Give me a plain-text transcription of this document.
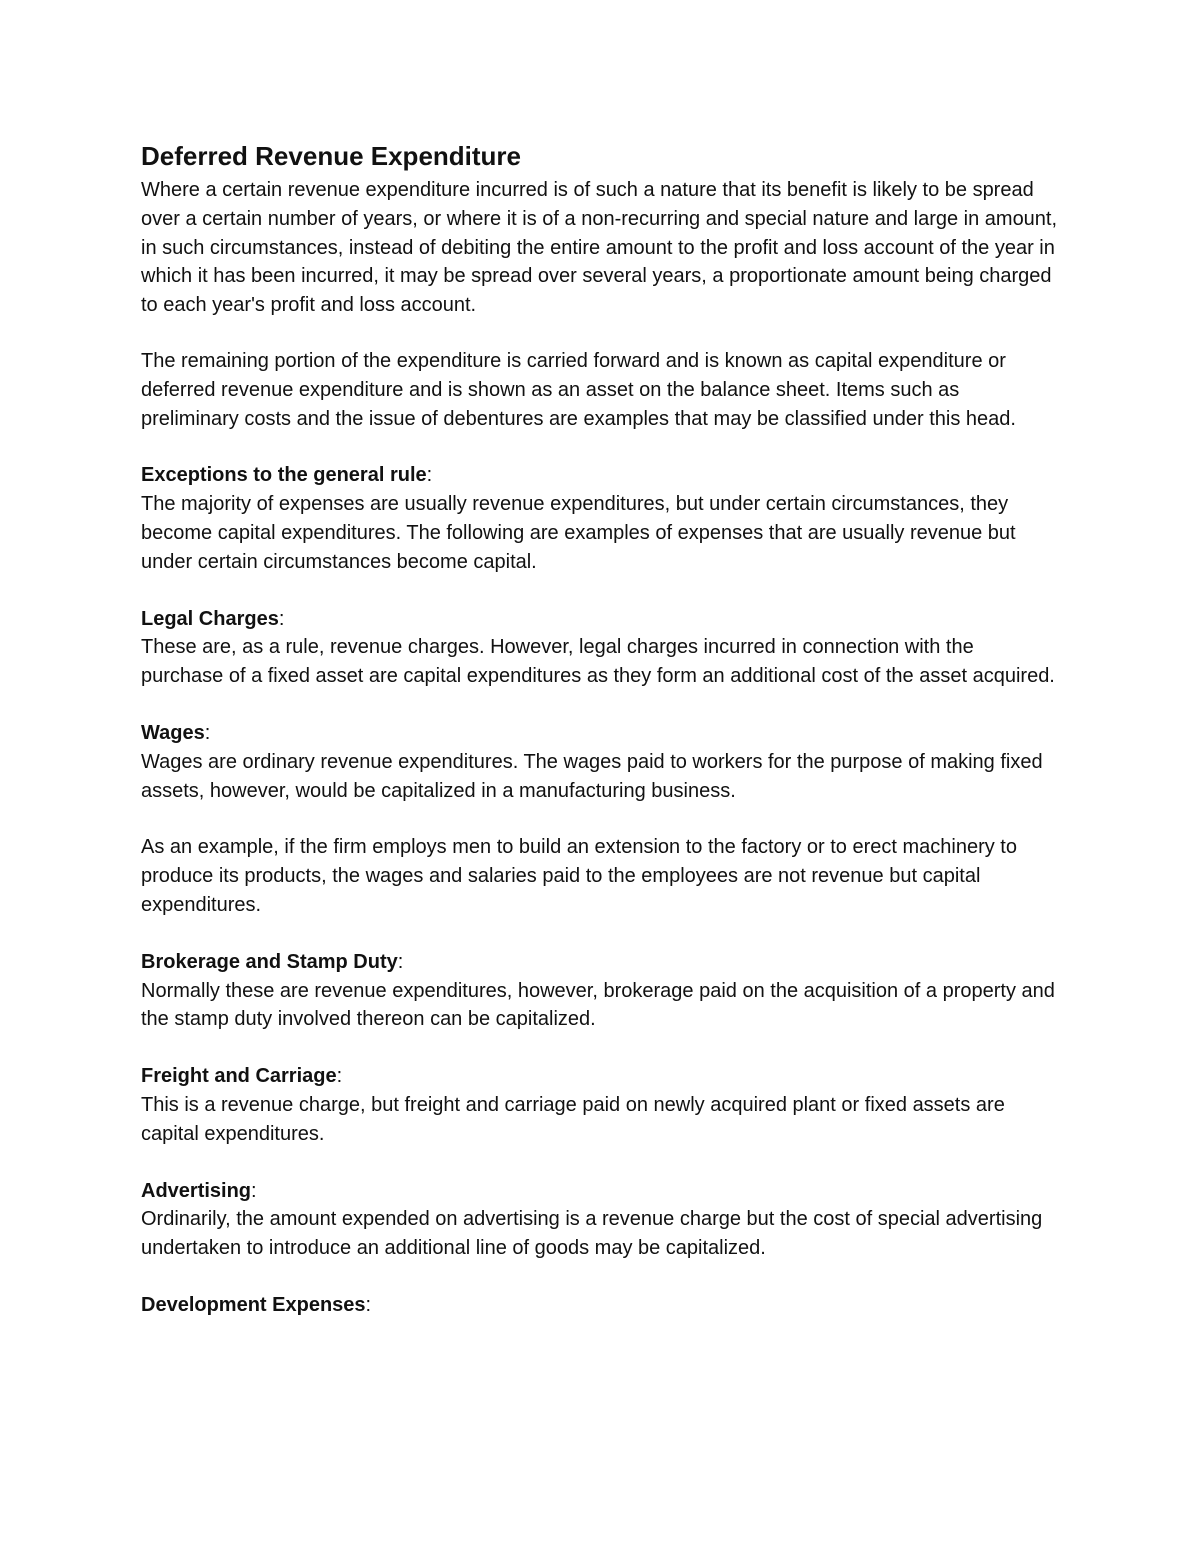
Deferred Revenue Expenditure

Where a certain revenue expenditure incurred is of such a nature that its benefit is likely to be spread over a certain number of years, or where it is of a non-recurring and special nature and large in amount, in such circumstances, instead of debiting the entire amount to the profit and loss account of the year in which it has been incurred, it may be spread over several years, a proportionate amount being charged to each year's profit and loss account.

The remaining portion of the expenditure is carried forward and is known as capital expenditure or deferred revenue expenditure and is shown as an asset on the balance sheet. Items such as preliminary costs and the issue of debentures are examples that may be classified under this head.

Exceptions to the general rule:

The majority of expenses are usually revenue expenditures, but under certain circumstances, they become capital expenditures. The following are examples of expenses that are usually revenue but under certain circumstances become capital.

Legal Charges:

These are, as a rule, revenue charges. However, legal charges incurred in connection with the purchase of a fixed asset are capital expenditures as they form an additional cost of the asset acquired.

Wages:

Wages are ordinary revenue expenditures. The wages paid to workers for the purpose of making fixed assets, however, would be capitalized in a manufacturing business.

As an example, if the firm employs men to build an extension to the factory or to erect machinery to produce its products, the wages and salaries paid to the employees are not revenue but capital expenditures.

Brokerage and Stamp Duty:

Normally these are revenue expenditures, however, brokerage paid on the acquisition of a property and the stamp duty involved thereon can be capitalized.

Freight and Carriage:

This is a revenue charge, but freight and carriage paid on newly acquired plant or fixed assets are capital expenditures.

Advertising:

Ordinarily, the amount expended on advertising is a revenue charge but the cost of special advertising undertaken to introduce an additional line of goods may be capitalized.

Development Expenses:
